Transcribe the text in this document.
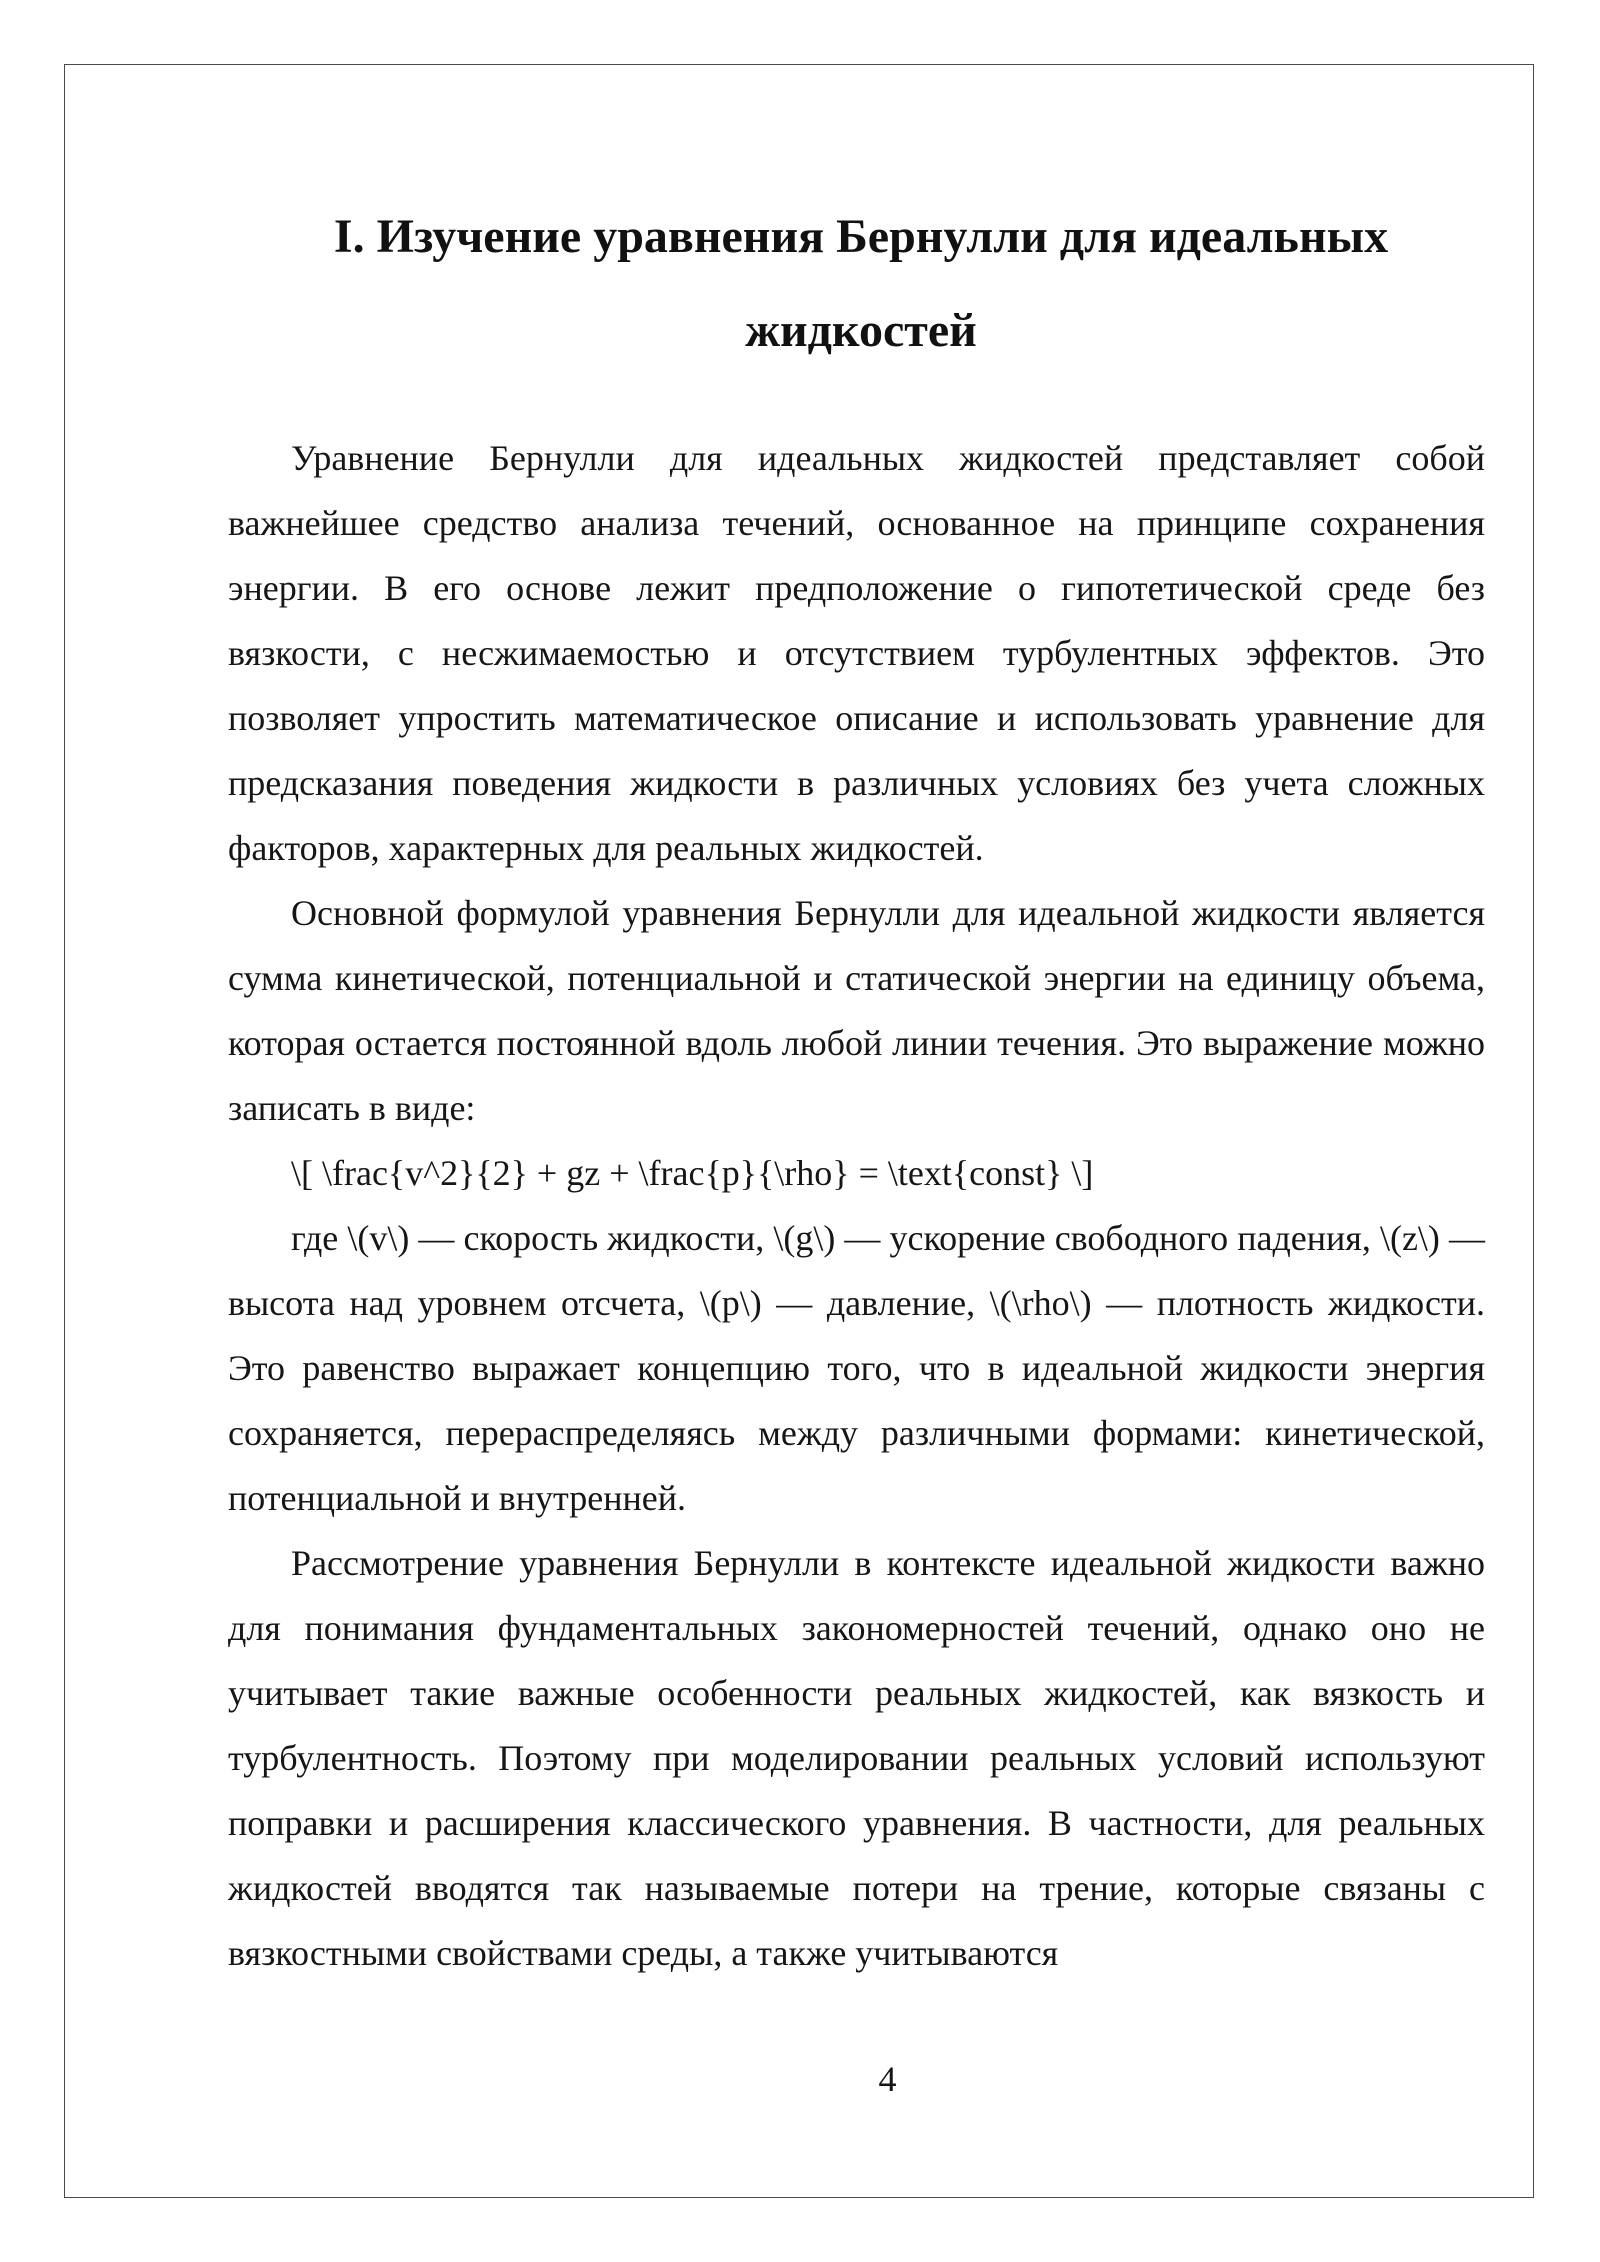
I. Изучение уравнения Бернулли для идеальных жидкостей

Уравнение Бернулли для идеальных жидкостей представляет собой важнейшее средство анализа течений, основанное на принципе сохранения энергии. В его основе лежит предположение о гипотетической среде без вязкости, с несжимаемостью и отсутствием турбулентных эффектов. Это позволяет упростить математическое описание и использовать уравнение для предсказания поведения жидкости в различных условиях без учета сложных факторов, характерных для реальных жидкостей.

Основной формулой уравнения Бернулли для идеальной жидкости является сумма кинетической, потенциальной и статической энергии на единицу объема, которая остается постоянной вдоль любой линии течения. Это выражение можно записать в виде:

\[ \frac{v^2}{2} + gz + \frac{p}{\rho} = \text{const} \]

где \(v\) — скорость жидкости, \(g\) — ускорение свободного падения, \(z\) — высота над уровнем отсчета, \(p\) — давление, \(\rho\) — плотность жидкости. Это равенство выражает концепцию того, что в идеальной жидкости энергия сохраняется, перераспределяясь между различными формами: кинетической, потенциальной и внутренней.

Рассмотрение уравнения Бернулли в контексте идеальной жидкости важно для понимания фундаментальных закономерностей течений, однако оно не учитывает такие важные особенности реальных жидкостей, как вязкость и турбулентность. Поэтому при моделировании реальных условий используют поправки и расширения классического уравнения. В частности, для реальных жидкостей вводятся так называемые потери на трение, которые связаны с вязкостными свойствами среды, а также учитываются

4
